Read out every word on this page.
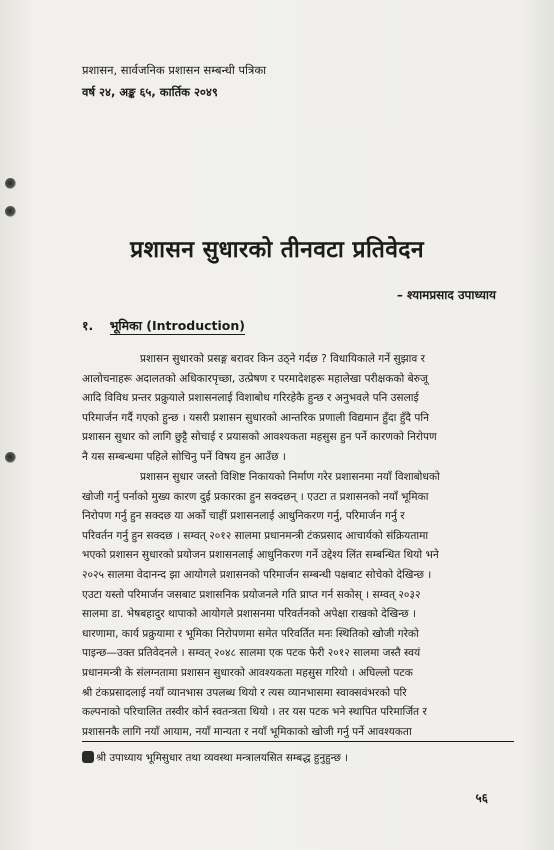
प्रशासन, सार्वजनिक प्रशासन सम्बन्धी पत्रिका
वर्ष २४, अङ्क ६५, कार्तिक २०४९
प्रशासन सुधारको तीनवटा प्रतिवेदन
– श्यामप्रसाद उपाध्याय
१. भूमिका (Introduction)
प्रशासन सुधारको प्रसङ्ग बरावर किन उठ्ने गर्दछ ? विधायिकाले गर्ने सुझाव र
आलोचनाहरू अदालतको अधिकारपृच्छा, उत्प्रेषण र परमादेशहरू महालेखा परीक्षकको बेरुजू
आदि विविध प्रन्तर प्रक्रुयाले प्रशासनलाई विशाबोध गरिरहेकै हुन्छ र अनुभवले पनि उसलाई
परिमार्जन गर्दै गएको हुन्छ । यसरी प्रशासन सुधारको आन्तरिक प्रणाली विद्यमान हुँदा हुँदै पनि
प्रशासन सुधार को लागि छुट्टै सोचाई र प्रयासको आवश्यकता महसुस हुन पर्ने कारणको निरोपण
नै यस सम्बन्धमा पहिले सोचिनु पर्ने विषय हुन आउँछ ।
प्रशासन सुधार जस्तो विशिष्ट निकायको निर्माण गरेर प्रशासनमा नयाँ विशाबोधको
खोजी गर्नु पर्नाको मुख्य कारण दुई प्रकारका हुन सक्दछन् । एउटा त प्रशासनको नयाँ भूमिका
निरोपण गर्नु हुन सक्दछ या अर्को चाहीं प्रशासनलाई आधुनिकरण गर्नु, परिमार्जन गर्नु र
परिवर्तन गर्नु हुन सक्दछ । सम्वत् २०१२ सालमा प्रधानमन्त्री टंकप्रसाद आचार्यको संक्रियतामा
भएको प्रशासन सुधारको प्रयोजन प्रशासनलाई आधुनिकरण गर्ने उद्देश्य लिंत सम्बन्धित थियो भने
२०२५ सालमा वेदानन्द झा आयोगले प्रशासनको परिमार्जन सम्बन्धी पक्षबाट सोचेको देखिन्छ ।
एउटा यस्तो परिमार्जन जसबाट प्रशासनिक प्रयोजनले गति प्राप्त गर्न सकोस् । सम्वत् २०३२
सालमा डा. भेषबहादुर थापाको आयोगले प्रशासनमा परिवर्तनको अपेक्षा राखको देखिन्छ ।
धारणामा, कार्य प्रक्रुयामा र भूमिका निरोपणमा समेत परिवर्तित मनः स्थितिको खोजी गरेको
पाइन्छ—उक्त प्रतिवेदनले । सम्वत् २०४८ सालमा एक पटक फेरी २०१२ सालमा जस्तै स्वयं
प्रधानमन्त्री के संलग्नतामा प्रशासन सुधारको आवश्यकता महसुस गरियो । अघिल्लो पटक
श्री टंकप्रसादलाई नयाँ व्यानभास उपलब्ध थियो र त्यस व्यानभासमा स्वाक्सवंभरको परि
कल्पनाको परिचालित तस्वीर कोर्न स्वतन्त्रता थियो । तर यस पटक भने स्थापित परिमार्जित र
प्रशासनकै लागि नयाँ आयाम, नयाँ मान्यता र नयाँ भूमिकाको खोजी गर्नु पर्ने आवश्यकता
श्री उपाध्याय भूमिसुधार तथा व्यवस्था मन्त्रालयसित सम्बद्ध हुनुहुन्छ ।
५६
